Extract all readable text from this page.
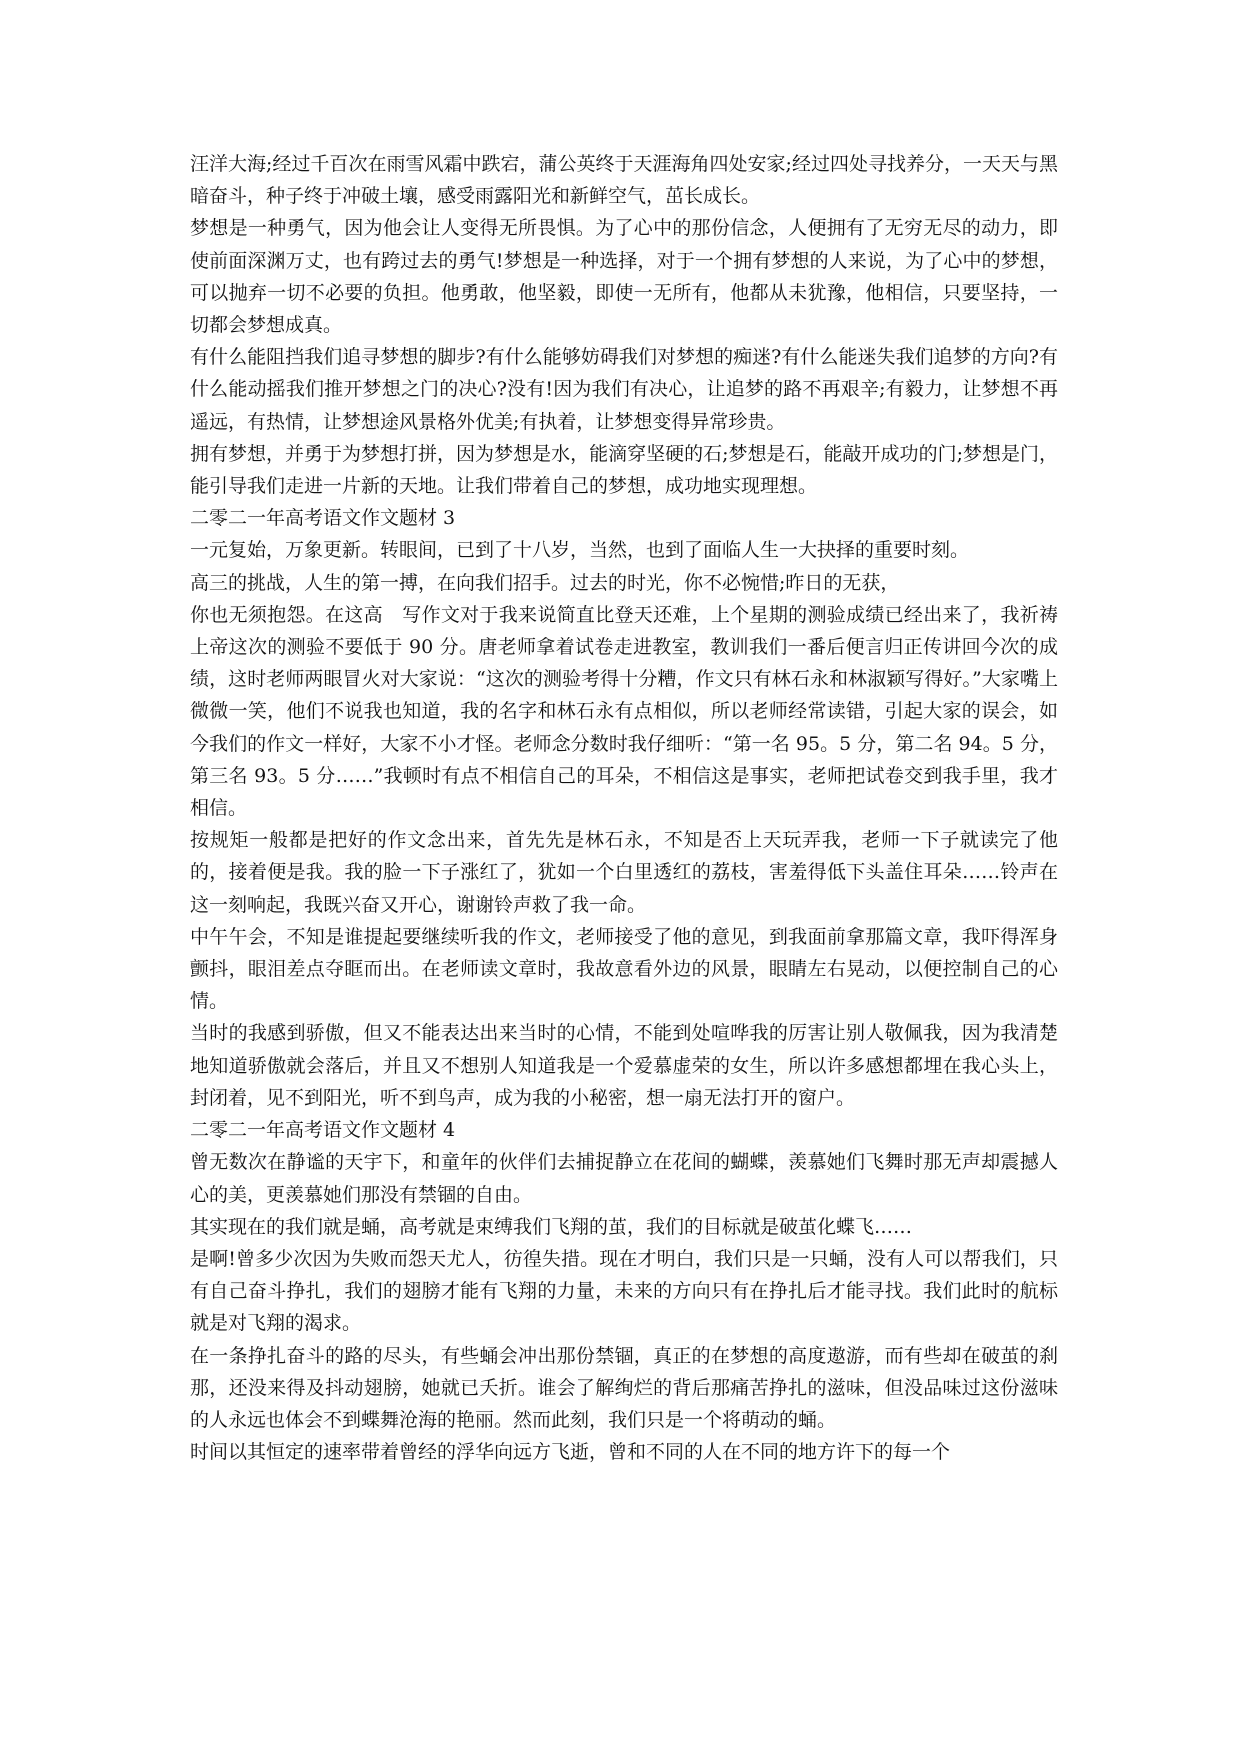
汪洋大海;经过千百次在雨雪风霜中跌宕，蒲公英终于天涯海角四处安家;经过四处寻找养分，一天天与黑暗奋斗，种子终于冲破土壤，感受雨露阳光和新鲜空气，茁长成长。

梦想是一种勇气，因为他会让人变得无所畏惧。为了心中的那份信念，人便拥有了无穷无尽的动力，即使前面深渊万丈，也有跨过去的勇气!梦想是一种选择，对于一个拥有梦想的人来说，为了心中的梦想，可以抛弃一切不必要的负担。他勇敢，他坚毅，即使一无所有，他都从未犹豫，他相信，只要坚持，一切都会梦想成真。

有什么能阻挡我们追寻梦想的脚步?有什么能够妨碍我们对梦想的痴迷?有什么能迷失我们追梦的方向?有什么能动摇我们推开梦想之门的决心?没有!因为我们有决心，让追梦的路不再艰辛;有毅力，让梦想不再遥远，有热情，让梦想途风景格外优美;有执着，让梦想变得异常珍贵。

拥有梦想，并勇于为梦想打拼，因为梦想是水，能滴穿坚硬的石;梦想是石，能敲开成功的门;梦想是门，能引导我们走进一片新的天地。让我们带着自己的梦想，成功地实现理想。

二零二一年高考语文作文题材 3

一元复始，万象更新。转眼间，已到了十八岁，当然，也到了面临人生一大抉择的重要时刻。

高三的挑战，人生的第一搏，在向我们招手。过去的时光，你不必惋惜;昨日的无获，

你也无须抱怨。在这高　写作文对于我来说简直比登天还难，上个星期的测验成绩已经出来了，我祈祷上帝这次的测验不要低于 90 分。唐老师拿着试卷走进教室，教训我们一番后便言归正传讲回今次的成绩，这时老师两眼冒火对大家说：“这次的测验考得十分糟，作文只有林石永和林淑颖写得好。”大家嘴上微微一笑，他们不说我也知道，我的名字和林石永有点相似，所以老师经常读错，引起大家的误会，如今我们的作文一样好，大家不小才怪。老师念分数时我仔细听：“第一名 95。5 分，第二名 94。5 分，第三名 93。5 分……”我顿时有点不相信自己的耳朵，不相信这是事实，老师把试卷交到我手里，我才相信。

按规矩一般都是把好的作文念出来，首先先是林石永，不知是否上天玩弄我，老师一下子就读完了他的，接着便是我。我的脸一下子涨红了，犹如一个白里透红的荔枝，害羞得低下头盖住耳朵……铃声在这一刻响起，我既兴奋又开心，谢谢铃声救了我一命。

中午午会，不知是谁提起要继续听我的作文，老师接受了他的意见，到我面前拿那篇文章，我吓得浑身颤抖，眼泪差点夺眶而出。在老师读文章时，我故意看外边的风景，眼睛左右晃动，以便控制自己的心情。

当时的我感到骄傲，但又不能表达出来当时的心情，不能到处喧哗我的厉害让别人敬佩我，因为我清楚地知道骄傲就会落后，并且又不想别人知道我是一个爱慕虚荣的女生，所以许多感想都埋在我心头上，封闭着，见不到阳光，听不到鸟声，成为我的小秘密，想一扇无法打开的窗户。

二零二一年高考语文作文题材 4

曾无数次在静谧的天宇下，和童年的伙伴们去捕捉静立在花间的蝴蝶，羡慕她们飞舞时那无声却震撼人心的美，更羡慕她们那没有禁锢的自由。

其实现在的我们就是蛹，高考就是束缚我们飞翔的茧，我们的目标就是破茧化蝶飞……

是啊!曾多少次因为失败而怨天尤人，彷徨失措。现在才明白，我们只是一只蛹，没有人可以帮我们，只有自己奋斗挣扎，我们的翅膀才能有飞翔的力量，未来的方向只有在挣扎后才能寻找。我们此时的航标就是对飞翔的渴求。

在一条挣扎奋斗的路的尽头，有些蛹会冲出那份禁锢，真正的在梦想的高度遨游，而有些却在破茧的刹那，还没来得及抖动翅膀，她就已夭折。谁会了解绚烂的背后那痛苦挣扎的滋味，但没品味过这份滋味的人永远也体会不到蝶舞沧海的艳丽。然而此刻，我们只是一个将萌动的蛹。

时间以其恒定的速率带着曾经的浮华向远方飞逝，曾和不同的人在不同的地方许下的每一个
